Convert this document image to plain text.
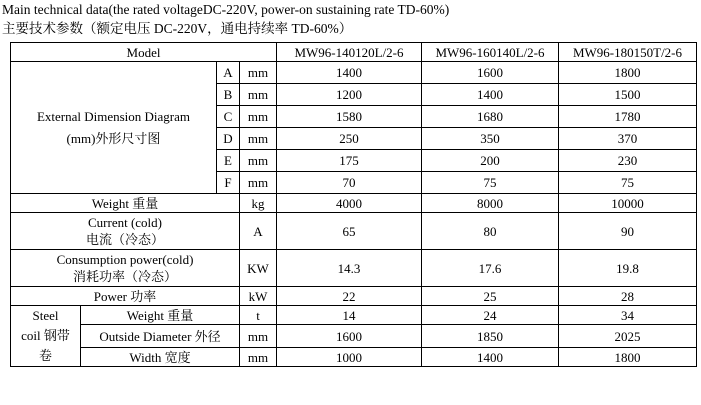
Main technical data(the rated voltageDC-220V, power-on sustaining rate TD-60%)
主要技术参数（额定电压 DC-220V，通电持续率 TD-60%）
Model				MW96-140120L/2-6	MW96-160140L/2-6	MW96-180150T/2-6

External Dimension Diagram
(mm)外形尺寸图		A	mm	1400	1600	1800
		B	mm	1200	1400	1500
		C	mm	1580	1680	1780
		D	mm	250	350	370
		E	mm	175	200	230
		F	mm	70	75	75
Weight 重量			kg	4000	8000	10000

Current (cold)
电流（冷态）			A	65	80	90

Consumption power(cold)
消耗功率（冷态）			KW	14.3	17.6	19.8
Power 功率			kW	22	25	28

Steel
coil 钢带
卷	Weight 重量		t	14	24	34
	Outside Diameter 外径		mm	1600	1850	2025
	Width 宽度		mm	1000	1400	1800
